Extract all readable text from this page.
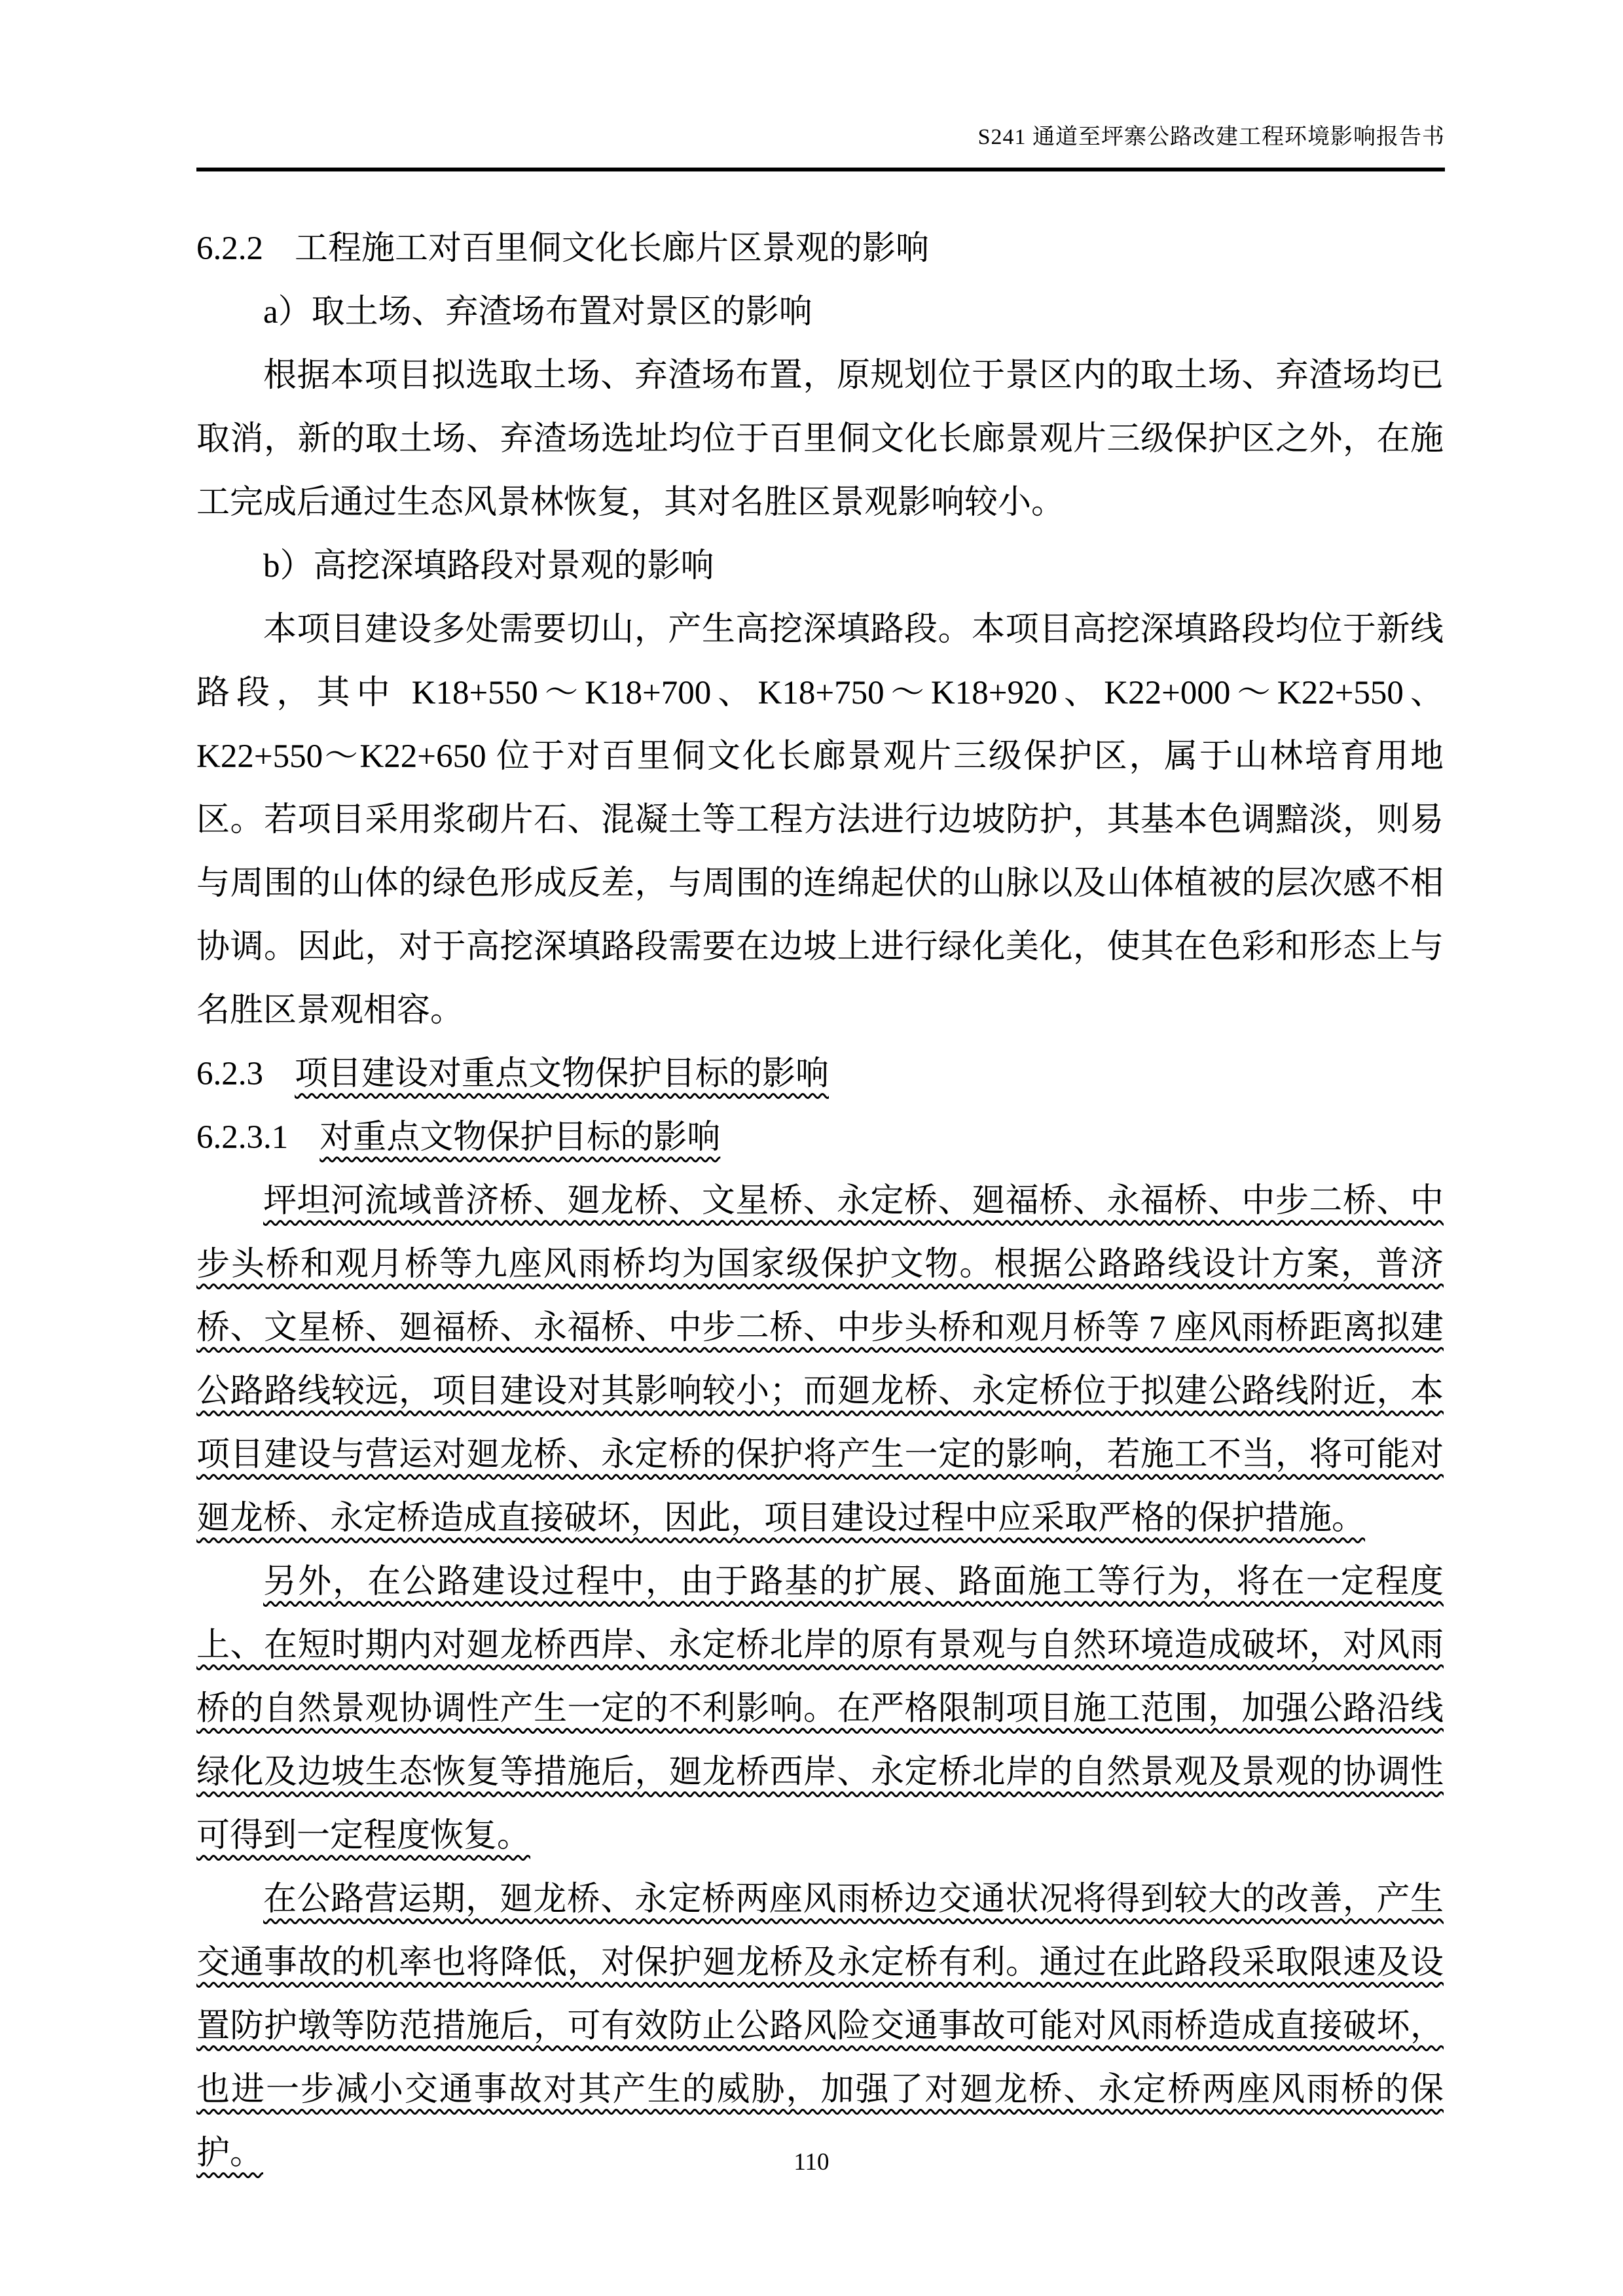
S241 通道至坪寨公路改建工程环境影响报告书

6.2.2 工程施工对百里侗文化长廊片区景观的影响

a）取土场、弃渣场布置对景区的影响

根据本项目拟选取土场、弃渣场布置，原规划位于景区内的取土场、弃渣场均已取消，新的取土场、弃渣场选址均位于百里侗文化长廊景观片三级保护区之外，在施工完成后通过生态风景林恢复，其对名胜区景观影响较小。

b）高挖深填路段对景观的影响

本项目建设多处需要切山，产生高挖深填路段。本项目高挖深填路段均位于新线路段，其中 K18+550～K18+700、K18+750～K18+920、K22+000～K22+550、K22+550～K22+650 位于对百里侗文化长廊景观片三级保护区，属于山林培育用地区。若项目采用浆砌片石、混凝土等工程方法进行边坡防护，其基本色调黯淡，则易与周围的山体的绿色形成反差，与周围的连绵起伏的山脉以及山体植被的层次感不相协调。因此，对于高挖深填路段需要在边坡上进行绿化美化，使其在色彩和形态上与名胜区景观相容。

6.2.3 项目建设对重点文物保护目标的影响

6.2.3.1 对重点文物保护目标的影响

坪坦河流域普济桥、廻龙桥、文星桥、永定桥、廻福桥、永福桥、中步二桥、中步头桥和观月桥等九座风雨桥均为国家级保护文物。根据公路路线设计方案，普济桥、文星桥、廻福桥、永福桥、中步二桥、中步头桥和观月桥等 7 座风雨桥距离拟建公路路线较远，项目建设对其影响较小；而廻龙桥、永定桥位于拟建公路线附近，本项目建设与营运对廻龙桥、永定桥的保护将产生一定的影响，若施工不当，将可能对廻龙桥、永定桥造成直接破坏，因此，项目建设过程中应采取严格的保护措施。

另外，在公路建设过程中，由于路基的扩展、路面施工等行为，将在一定程度上、在短时期内对廻龙桥西岸、永定桥北岸的原有景观与自然环境造成破坏，对风雨桥的自然景观协调性产生一定的不利影响。在严格限制项目施工范围，加强公路沿线绿化及边坡生态恢复等措施后，廻龙桥西岸、永定桥北岸的自然景观及景观的协调性可得到一定程度恢复。

在公路营运期，廻龙桥、永定桥两座风雨桥边交通状况将得到较大的改善，产生交通事故的机率也将降低，对保护廻龙桥及永定桥有利。通过在此路段采取限速及设置防护墩等防范措施后，可有效防止公路风险交通事故可能对风雨桥造成直接破坏，也进一步减小交通事故对其产生的威胁，加强了对廻龙桥、永定桥两座风雨桥的保护。	110
